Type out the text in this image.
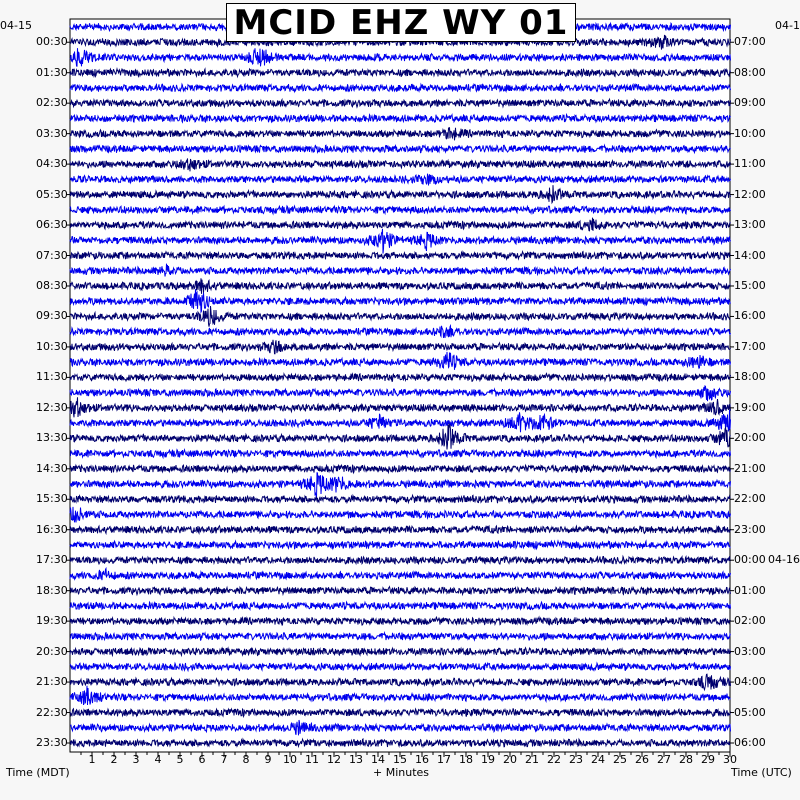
MCID EHZ WY 01
04-15	04-1
Time (MDT)	+ Minutes	Time (UTC)
1 2 3 4 5 6 7 8 9 10 11 12 13 14 15 16 17 18 19 20 21 22 23 24 25 26 27 28 29 30
00:30
01:30
02:30
03:30
04:30
05:30
06:30
07:30
08:30
09:30
10:30
11:30
12:30
13:30
14:30
15:30
16:30
17:30
18:30
19:30
20:30
21:30
22:30
23:30
07:00
08:00
09:00
10:00
11:00
12:00
13:00
14:00
15:00
16:00
17:00
18:00
19:00
20:00
21:00
22:00
23:00
00:00 04-16
01:00
02:00
03:00
04:00
05:00
06:00
